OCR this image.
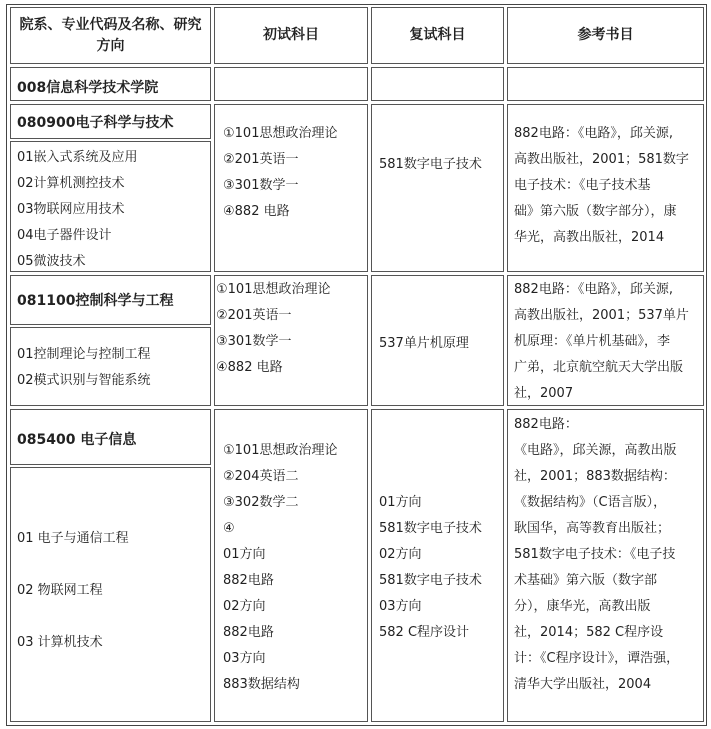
院系、专业代码及名称、研究方向
初试科目	复试科目	参考书目
008信息科学技术学院
080900电子科学与技术
01嵌入式系统及应用
02计算机测控技术
03物联网应用技术
04电子器件设计
05微波技术
①101思想政治理论
②201英语一
③301数学一
④882 电路
581数字电子技术
882电路：《电路》，邱关源,
高教出版社，2001；581数字
电子技术：《电子技术基
础》第六版（数字部分），康
华光，高教出版社，2014
081100控制科学与工程
01控制理论与控制工程
02模式识别与智能系统
①101思想政治理论
②201英语一
③301数学一
④882 电路
537单片机原理
882电路：《电路》，邱关源,
高教出版社，2001；537单片
机原理：《单片机基础》，李
广弟，北京航空航天大学出版
社，2007
085400 电子信息
01 电子与通信工程
02 物联网工程
03 计算机技术
①101思想政治理论
②204英语二
③302数学二
④
01方向
882电路
02方向
882电路
03方向
883数据结构
01方向
581数字电子技术
02方向
581数字电子技术
03方向
582 C程序设计
882电路：
《电路》，邱关源，高教出版
社，2001；883数据结构：
《数据结构》（C语言版），
耿国华，高等教育出版社；
581数字电子技术：《电子技
术基础》第六版（数字部
分），康华光，高教出版
社，2014；582 C程序设
计：《C程序设计》，谭浩强，
清华大学出版社，2004
